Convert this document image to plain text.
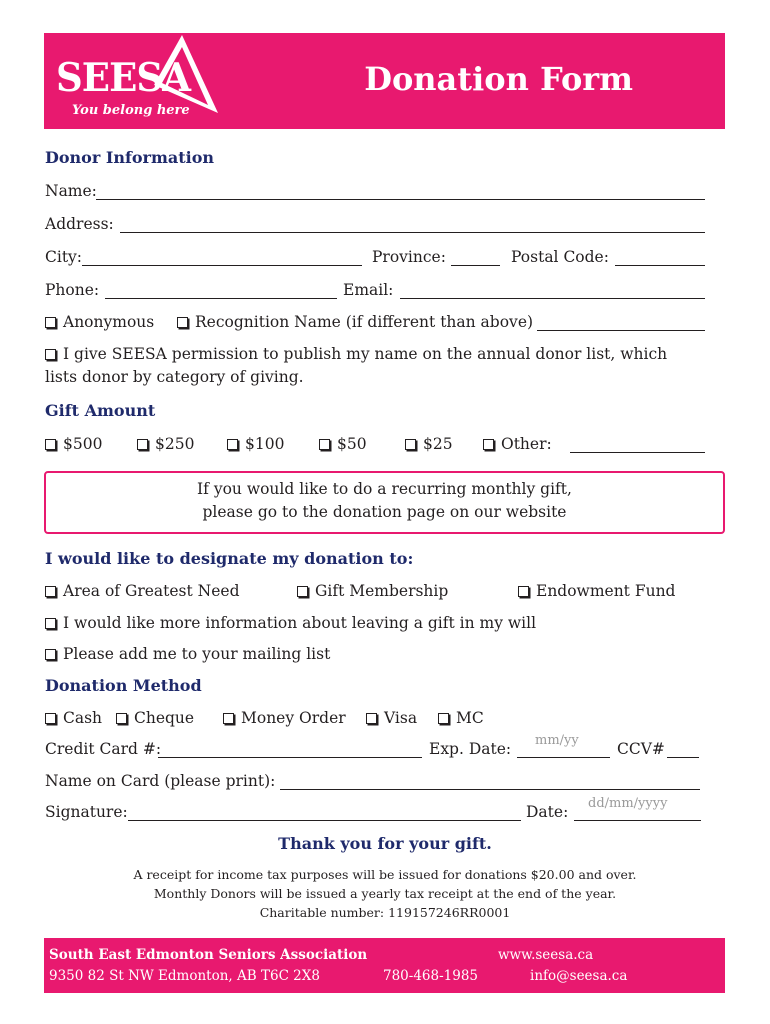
SEESA
You belong here
Donation Form
Donor Information
Name:
Address:
City:	Province:	Postal Code:
Phone:	Email:
Anonymous	Recognition Name (if different than above)
I give SEESA permission to publish my name on the annual donor list, which
lists donor by category of giving.
Gift Amount
$500	$250	$100	$50	$25	Other:
If you would like to do a recurring monthly gift,
please go to the donation page on our website
I would like to designate my donation to:
Area of Greatest Need	Gift Membership	Endowment Fund
I would like more information about leaving a gift in my will
Please add me to your mailing list
Donation Method
Cash	Cheque	Money Order	Visa	MC
Credit Card #:	Exp. Date: mm/yy CCV#
Name on Card (please print):
Signature:	Date: dd/mm/yyyy
Thank you for your gift.
A receipt for income tax purposes will be issued for donations $20.00 and over.
Monthly Donors will be issued a yearly tax receipt at the end of the year.
Charitable number: 119157246RR0001
South East Edmonton Seniors Association
9350 82 St NW Edmonton, AB T6C 2X8	780-468-1985
www.seesa.ca
info@seesa.ca
